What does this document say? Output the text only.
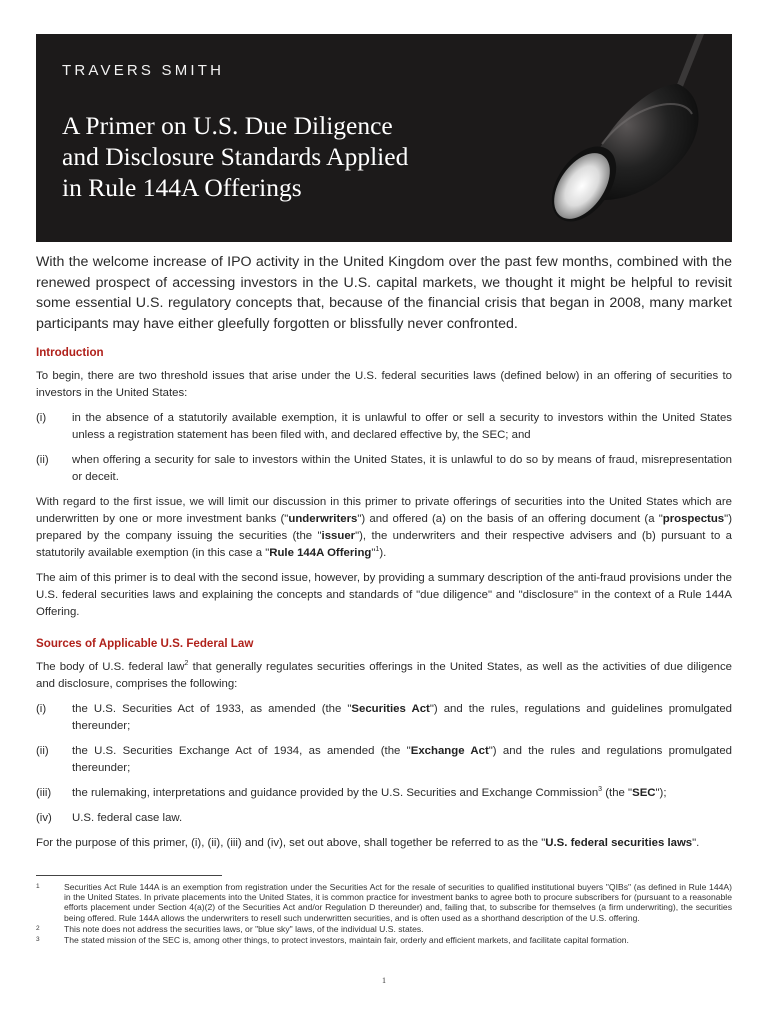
TRAVERS SMITH
A Primer on U.S. Due Diligence
and Disclosure Standards Applied
in Rule 144A Offerings
With the welcome increase of IPO activity in the United Kingdom over the past few months, combined with the renewed prospect of accessing investors in the U.S. capital markets, we thought it might be helpful to revisit some essential U.S. regulatory concepts that, because of the financial crisis that began in 2008, many market participants may have either gleefully forgotten or blissfully never confronted.
Introduction
To begin, there are two threshold issues that arise under the U.S. federal securities laws (defined below) in an offering of securities to investors in the United States:
(i)	in the absence of a statutorily available exemption, it is unlawful to offer or sell a security to investors within the United States unless a registration statement has been filed with, and declared effective by, the SEC; and
(ii)	when offering a security for sale to investors within the United States, it is unlawful to do so by means of fraud, misrepresentation or deceit.
With regard to the first issue, we will limit our discussion in this primer to private offerings of securities into the United States which are underwritten by one or more investment banks ("underwriters") and offered (a) on the basis of an offering document (a "prospectus") prepared by the company issuing the securities (the "issuer"), the underwriters and their respective advisers and (b) pursuant to a statutorily available exemption (in this case a "Rule 144A Offering"$^1$).
The aim of this primer is to deal with the second issue, however, by providing a summary description of the anti-fraud provisions under the U.S. federal securities laws and explaining the concepts and standards of "due diligence" and "disclosure" in the context of a Rule 144A Offering.
Sources of Applicable U.S. Federal Law
The body of U.S. federal law$^2$ that generally regulates securities offerings in the United States, as well as the activities of due diligence and disclosure, comprises the following:
(i)	the U.S. Securities Act of 1933, as amended (the "Securities Act") and the rules, regulations and guidelines promulgated thereunder;
(ii)	the U.S. Securities Exchange Act of 1934, as amended (the "Exchange Act") and the rules and regulations promulgated thereunder;
(iii)	the rulemaking, interpretations and guidance provided by the U.S. Securities and Exchange Commission$^3$ (the "SEC");
(iv)	U.S. federal case law.
For the purpose of this primer, (i), (ii), (iii) and (iv), set out above, shall together be referred to as the "U.S. federal securities laws".
1	Securities Act Rule 144A is an exemption from registration under the Securities Act for the resale of securities to qualified institutional buyers "QIBs" (as defined in Rule 144A) in the United States. In private placements into the United States, it is common practice for investment banks to agree both to procure subscribers for (pursuant to a reasonable efforts placement under Section 4(a)(2) of the Securities Act and/or Regulation D thereunder) and, failing that, to subscribe for themselves (a firm underwriting), the securities being offered. Rule 144A allows the underwriters to resell such underwritten securities, and is often used as a shorthand description of the U.S. offering.
2	This note does not address the securities laws, or "blue sky" laws, of the individual U.S. states.
3	The stated mission of the SEC is, among other things, to protect investors, maintain fair, orderly and efficient markets, and facilitate capital formation.
1
